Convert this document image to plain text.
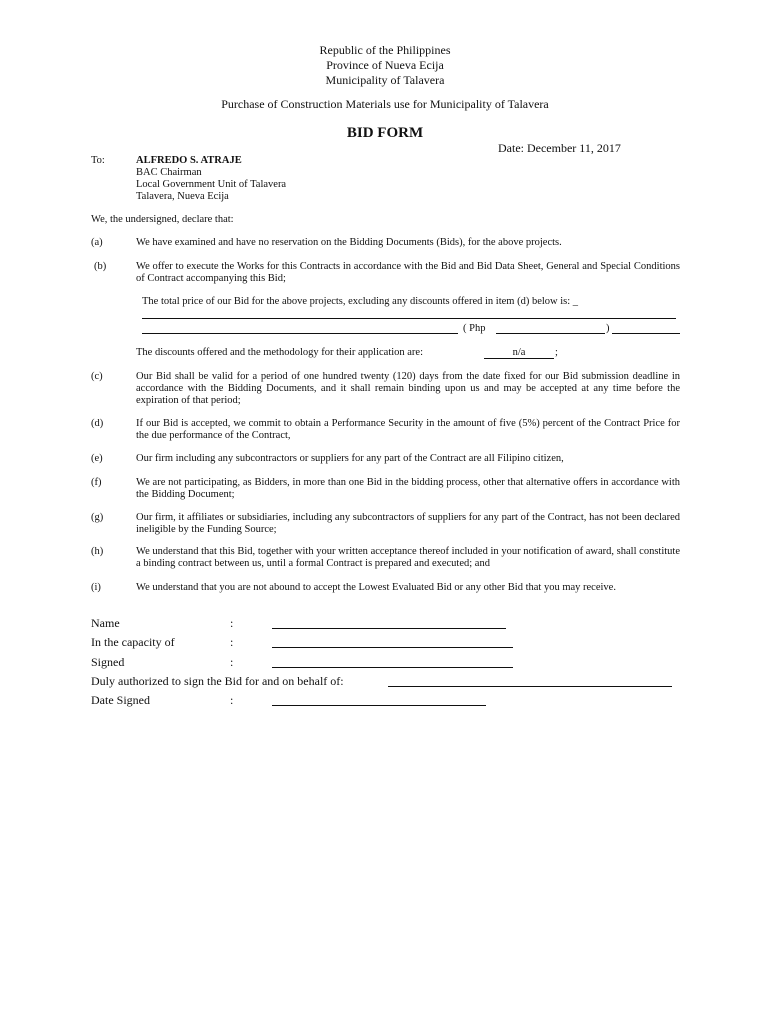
Republic of the Philippines
Province of Nueva Ecija
Municipality of Talavera
Purchase of Construction Materials use for Municipality of Talavera
BID FORM
Date: December 11, 2017
To:	ALFREDO S. ATRAJE
BAC Chairman
Local Government Unit of Talavera
Talavera, Nueva Ecija
We, the undersigned, declare that:
(a)	We have examined and have no reservation on the Bidding Documents (Bids), for the above projects.
(b)	We offer to execute the Works for this Contracts in accordance with the Bid and Bid Data Sheet, General and Special Conditions of Contract accompanying this Bid;
The total price of our Bid for the above projects, excluding any discounts offered in item (d) below is: _
( Php	)
The discounts offered and the methodology for their application are:	n/a	;
(c)	Our Bid shall be valid for a period of one hundred twenty (120) days from the date fixed for our Bid submission deadline in accordance with the Bidding Documents, and it shall remain binding upon us and may be accepted at any time before the expiration of that period;
(d)	If our Bid is accepted, we commit to obtain a Performance Security in the amount of five (5%) percent of the Contract Price for the due performance of the Contract,
(e)	Our firm including any subcontractors or suppliers for any part of the Contract are all Filipino citizen,
(f)	We are not participating, as Bidders, in more than one Bid in the bidding process, other that alternative offers in accordance with the Bidding Document;
(g)	Our firm, it affiliates or subsidiaries, including any subcontractors of suppliers for any part of the Contract, has not been declared ineligible by the Funding Source;
(h)	We understand that this Bid, together with your written acceptance thereof included in your notification of award, shall constitute a binding contract between us, until a formal Contract is prepared and executed; and
(i)	We understand that you are not abound to accept the Lowest Evaluated Bid or any other Bid that you may receive.
Name	:
In the capacity of	:
Signed	:
Duly authorized to sign the Bid for and on behalf of:
Date Signed	:
